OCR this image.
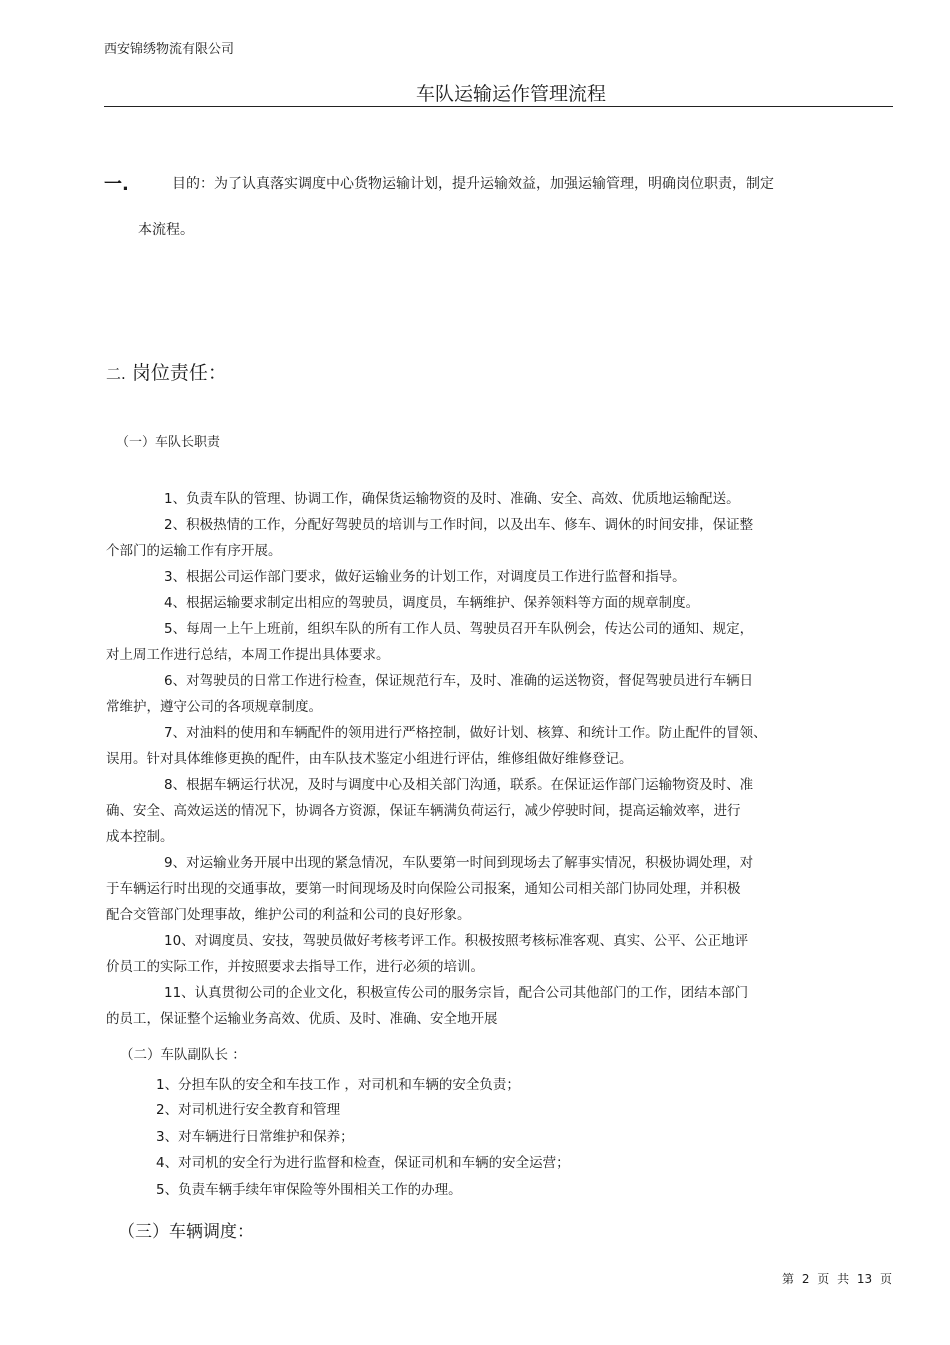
西安锦绣物流有限公司
车队运输运作管理流程
一.	目的：为了认真落实调度中心货物运输计划，提升运输效益，加强运输管理，明确岗位职责，制定
本流程。
二. 岗位责任：
（一）车队长职责
1、负责车队的管理、协调工作，确保货运输物资的及时、准确、安全、高效、优质地运输配送。
2、积极热情的工作，分配好驾驶员的培训与工作时间，以及出车、修车、调休的时间安排，保证整
个部门的运输工作有序开展。
3、根据公司运作部门要求，做好运输业务的计划工作，对调度员工作进行监督和指导。
4、根据运输要求制定出相应的驾驶员，调度员，车辆维护、保养领料等方面的规章制度。
5、每周一上午上班前，组织车队的所有工作人员、驾驶员召开车队例会，传达公司的通知、规定，
对上周工作进行总结，本周工作提出具体要求。
6、对驾驶员的日常工作进行检查，保证规范行车，及时、准确的运送物资，督促驾驶员进行车辆日
常维护，遵守公司的各项规章制度。
7、对油料的使用和车辆配件的领用进行严格控制，做好计划、核算、和统计工作。防止配件的冒领、
误用。针对具体维修更换的配件，由车队技术鉴定小组进行评估，维修组做好维修登记。
8、根据车辆运行状况，及时与调度中心及相关部门沟通，联系。在保证运作部门运输物资及时、准
确、安全、高效运送的情况下，协调各方资源，保证车辆满负荷运行，减少停驶时间，提高运输效率，进行
成本控制。
9、对运输业务开展中出现的紧急情况，车队要第一时间到现场去了解事实情况，积极协调处理，对
于车辆运行时出现的交通事故，要第一时间现场及时向保险公司报案，通知公司相关部门协同处理，并积极
配合交管部门处理事故，维护公司的利益和公司的良好形象。
10、对调度员、安技，驾驶员做好考核考评工作。积极按照考核标准客观、真实、公平、公正地评
价员工的实际工作，并按照要求去指导工作，进行必须的培训。
11、认真贯彻公司的企业文化，积极宣传公司的服务宗旨，配合公司其他部门的工作，团结本部门
的员工，保证整个运输业务高效、优质、及时、准确、安全地开展
（二）车队副队长 ：
1、分担车队的安全和车技工作 ，对司机和车辆的安全负责；
2、对司机进行安全教育和管理
3、对车辆进行日常维护和保养；
4、对司机的安全行为进行监督和检查，保证司机和车辆的安全运营；
5、负责车辆手续年审保险等外围相关工作的办理。
（三）车辆调度：
第 2 页 共 13 页
